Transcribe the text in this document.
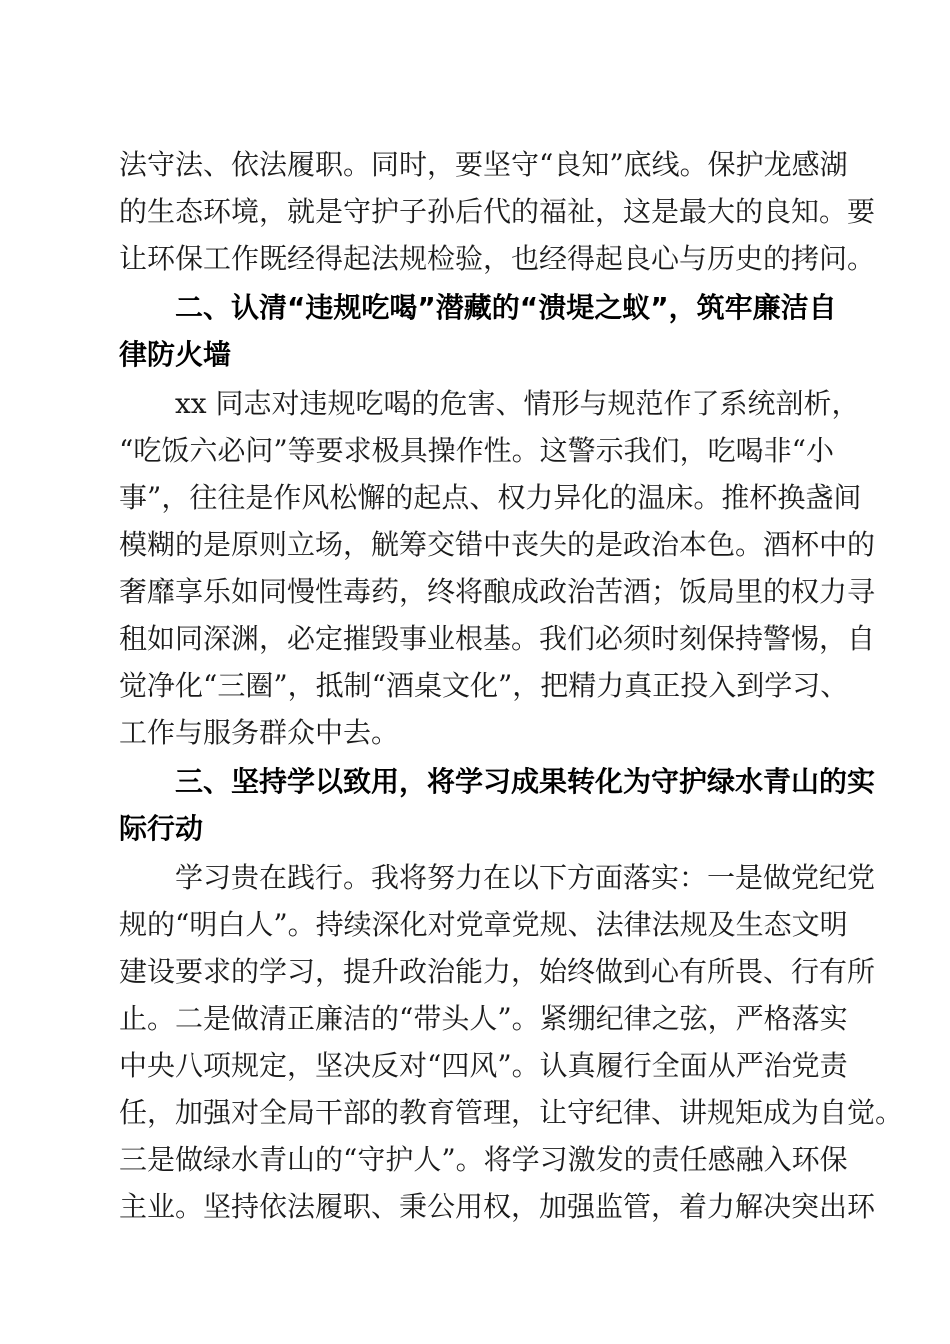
法守法、依法履职。同时，要坚守“良知”底线。保护龙感湖
的生态环境，就是守护子孙后代的福祉，这是最大的良知。要
让环保工作既经得起法规检验，也经得起良心与历史的拷问。
二、认清“违规吃喝”潜藏的“溃堤之蚁”，筑牢廉洁自
律防火墙
xx 同志对违规吃喝的危害、情形与规范作了系统剖析，
“吃饭六必问”等要求极具操作性。这警示我们，吃喝非“小
事”，往往是作风松懈的起点、权力异化的温床。推杯换盏间
模糊的是原则立场，觥筹交错中丧失的是政治本色。酒杯中的
奢靡享乐如同慢性毒药，终将酿成政治苦酒；饭局里的权力寻
租如同深渊，必定摧毁事业根基。我们必须时刻保持警惕，自
觉净化“三圈”，抵制“酒桌文化”，把精力真正投入到学习、
工作与服务群众中去。
三、坚持学以致用，将学习成果转化为守护绿水青山的实
际行动
学习贵在践行。我将努力在以下方面落实：一是做党纪党
规的“明白人”。持续深化对党章党规、法律法规及生态文明
建设要求的学习，提升政治能力，始终做到心有所畏、行有所
止。二是做清正廉洁的“带头人”。紧绷纪律之弦，严格落实
中央八项规定，坚决反对“四风”。认真履行全面从严治党责
任，加强对全局干部的教育管理，让守纪律、讲规矩成为自觉。
三是做绿水青山的“守护人”。将学习激发的责任感融入环保
主业。坚持依法履职、秉公用权，加强监管，着力解决突出环
